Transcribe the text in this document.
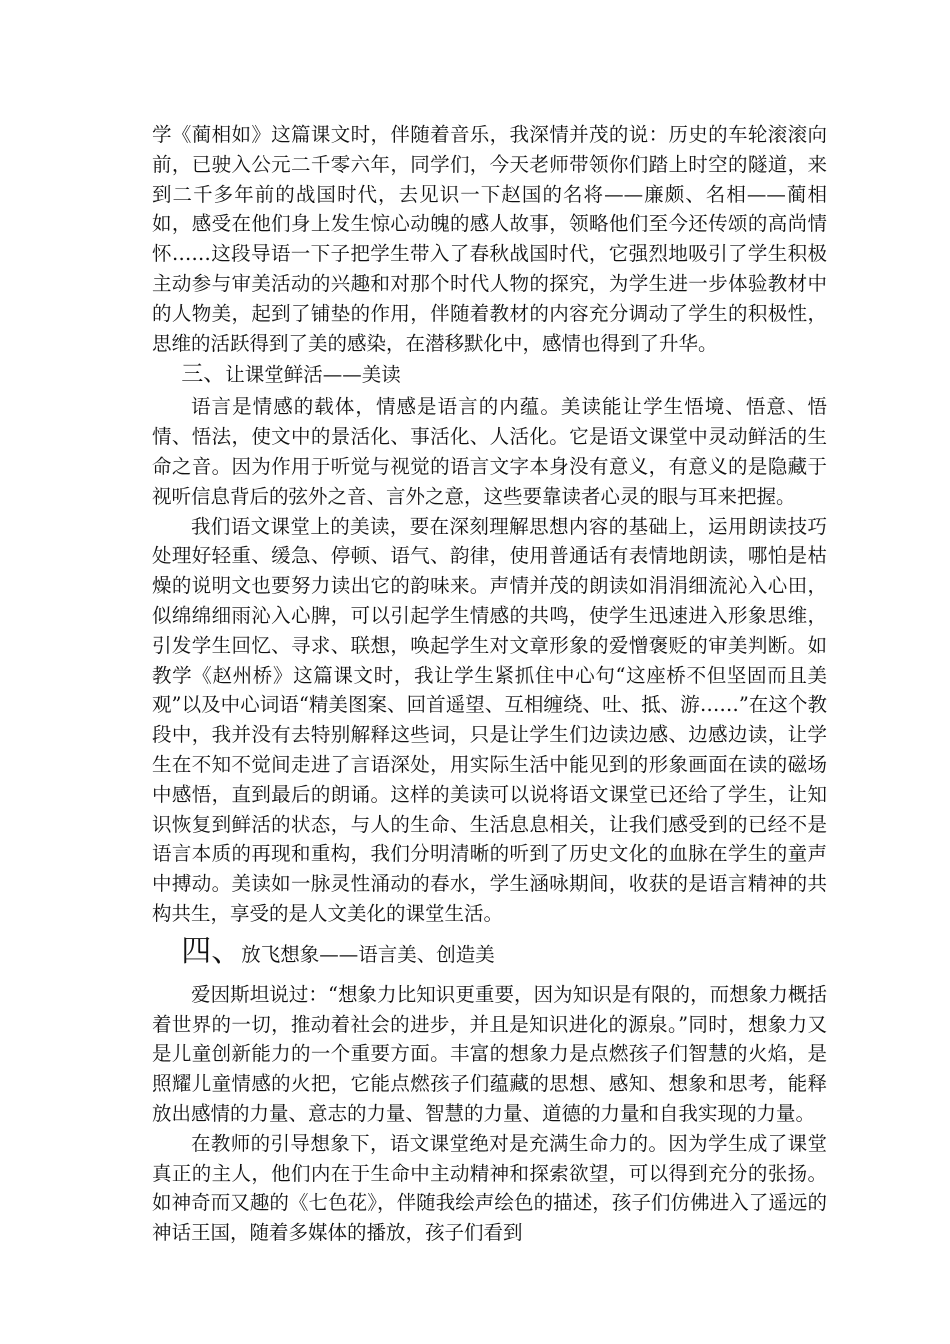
学《蔺相如》这篇课文时，伴随着音乐，我深情并茂的说：历史的车轮滚滚向前，已驶入公元二千零六年，同学们，今天老师带领你们踏上时空的隧道，来到二千多年前的战国时代，去见识一下赵国的名将——廉颇、名相——蔺相如，感受在他们身上发生惊心动魄的感人故事，领略他们至今还传颂的高尚情怀……这段导语一下子把学生带入了春秋战国时代，它强烈地吸引了学生积极主动参与审美活动的兴趣和对那个时代人物的探究，为学生进一步体验教材中的人物美，起到了铺垫的作用，伴随着教材的内容充分调动了学生的积极性，思维的活跃得到了美的感染，在潜移默化中，感情也得到了升华。

三、让课堂鲜活——美读

语言是情感的载体，情感是语言的内蕴。美读能让学生悟境、悟意、悟情、悟法，使文中的景活化、事活化、人活化。它是语文课堂中灵动鲜活的生命之音。因为作用于听觉与视觉的语言文字本身没有意义，有意义的是隐藏于视听信息背后的弦外之音、言外之意，这些要靠读者心灵的眼与耳来把握。

我们语文课堂上的美读，要在深刻理解思想内容的基础上，运用朗读技巧处理好轻重、缓急、停顿、语气、韵律，使用普通话有表情地朗读，哪怕是枯燥的说明文也要努力读出它的韵味来。声情并茂的朗读如涓涓细流沁入心田，似绵绵细雨沁入心脾，可以引起学生情感的共鸣，使学生迅速进入形象思维，引发学生回忆、寻求、联想，唤起学生对文章形象的爱憎褒贬的审美判断。如教学《赵州桥》这篇课文时，我让学生紧抓住中心句“这座桥不但坚固而且美观”以及中心词语“精美图案、回首遥望、互相缠绕、吐、抵、游……”在这个教段中，我并没有去特别解释这些词，只是让学生们边读边感、边感边读，让学生在不知不觉间走进了言语深处，用实际生活中能见到的形象画面在读的磁场中感悟，直到最后的朗诵。这样的美读可以说将语文课堂已还给了学生，让知识恢复到鲜活的状态，与人的生命、生活息息相关，让我们感受到的已经不是语言本质的再现和重构，我们分明清晰的听到了历史文化的血脉在学生的童声中搏动。美读如一脉灵性涌动的春水，学生涵咏期间，收获的是语言精神的共构共生，享受的是人文美化的课堂生活。

四、放飞想象——语言美、创造美

爱因斯坦说过：“想象力比知识更重要，因为知识是有限的，而想象力概括着世界的一切，推动着社会的进步，并且是知识进化的源泉。”同时，想象力又是儿童创新能力的一个重要方面。丰富的想象力是点燃孩子们智慧的火焰，是照耀儿童情感的火把，它能点燃孩子们蕴藏的思想、感知、想象和思考，能释放出感情的力量、意志的力量、智慧的力量、道德的力量和自我实现的力量。

在教师的引导想象下，语文课堂绝对是充满生命力的。因为学生成了课堂真正的主人，他们内在于生命中主动精神和探索欲望，可以得到充分的张扬。如神奇而又趣的《七色花》，伴随我绘声绘色的描述，孩子们仿佛进入了遥远的神话王国，随着多媒体的播放，孩子们看到
